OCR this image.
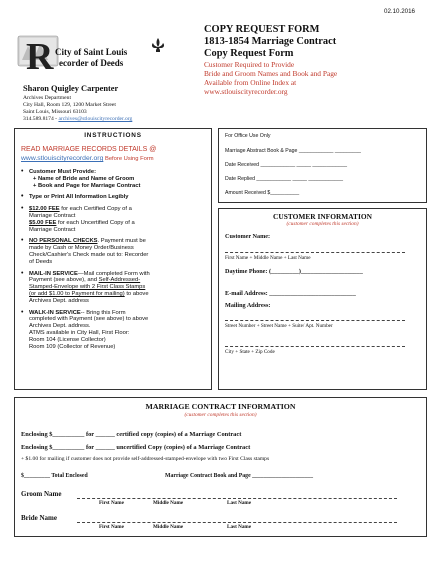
02.10.2016
R City of Saint Louis
ecorder of Deeds
Sharon Quigley Carpenter
Archives Department
City Hall, Room 129, 1200 Market Street
Saint Louis, Missouri 63103
314.589.8174 - archives@stlouiscityrecorder.org
COPY REQUEST FORM
1813-1854 Marriage Contract
Copy Request Form
Customer Required to Provide
Bride and Groom Names and Book and Page
Available from Online Index at
www.stlouiscityrecorder.org
INSTRUCTIONS
READ MARRIAGE RECORDS DETAILS @
www.stlouiscityrecorder.org Before Using Form
• Customer Must Provide:
+ Name of Bride and Name of Groom
+ Book and Page for Marriage Contract
• Type or Print All Information Legibly
• $12.00 FEE for each Certified Copy of a Marriage Contract
$5.00 FEE for each Uncertified Copy of a Marriage Contract
• NO PERSONAL CHECKS. Payment must be made by Cash or Money Order/Business Check/Cashier's Check made out to: Recorder of Deeds
• MAIL-IN SERVICE—Mail completed Form with Payment (see above), and Self-Addressed-Stamped-Envelope with 2 First Class Stamps (or add $1.00 to Payment for mailing) to above Archives Dept. address
• WALK-IN SERVICE-- Bring this Form completed with Payment (see above) to above Archives Dept. address.
ATMS available in City Hall, First Floor:
Room 104 (License Collector)
Room 109 (Collector of Revenue)
For Office Use Only
Marriage Abstract Book & Page ____________ _________
Date Received ____________ _____ ____________
Date Replied ____________ _____ ____________
Amount Received $__________
CUSTOMER INFORMATION
(customer completes this section)
Customer Name:
First Name + Middle Name + Last Name
Daytime Phone: (_________)____________________
E-mail Address: ____________________________
Mailing Address:
Street Number + Street Name + Suite/ Apt. Number
City + State + Zip Code
MARRIAGE CONTRACT INFORMATION
(customer completes this section)
Enclosing $__________ for ______ certified copy (copies) of a Marriage Contract
Enclosing $__________ for ______ uncertified Copy (copies) of a Marriage Contract
+ $1.00 for mailing if customer does not provide self-addressed-stamped-envelope with two First Class stamps
$_________ Total Enclosed	Marriage Contract Book and Page _____________________
Groom Name
First Name	Middle Name	Last Name
Bride Name
First Name	Middle Name	Last Name
